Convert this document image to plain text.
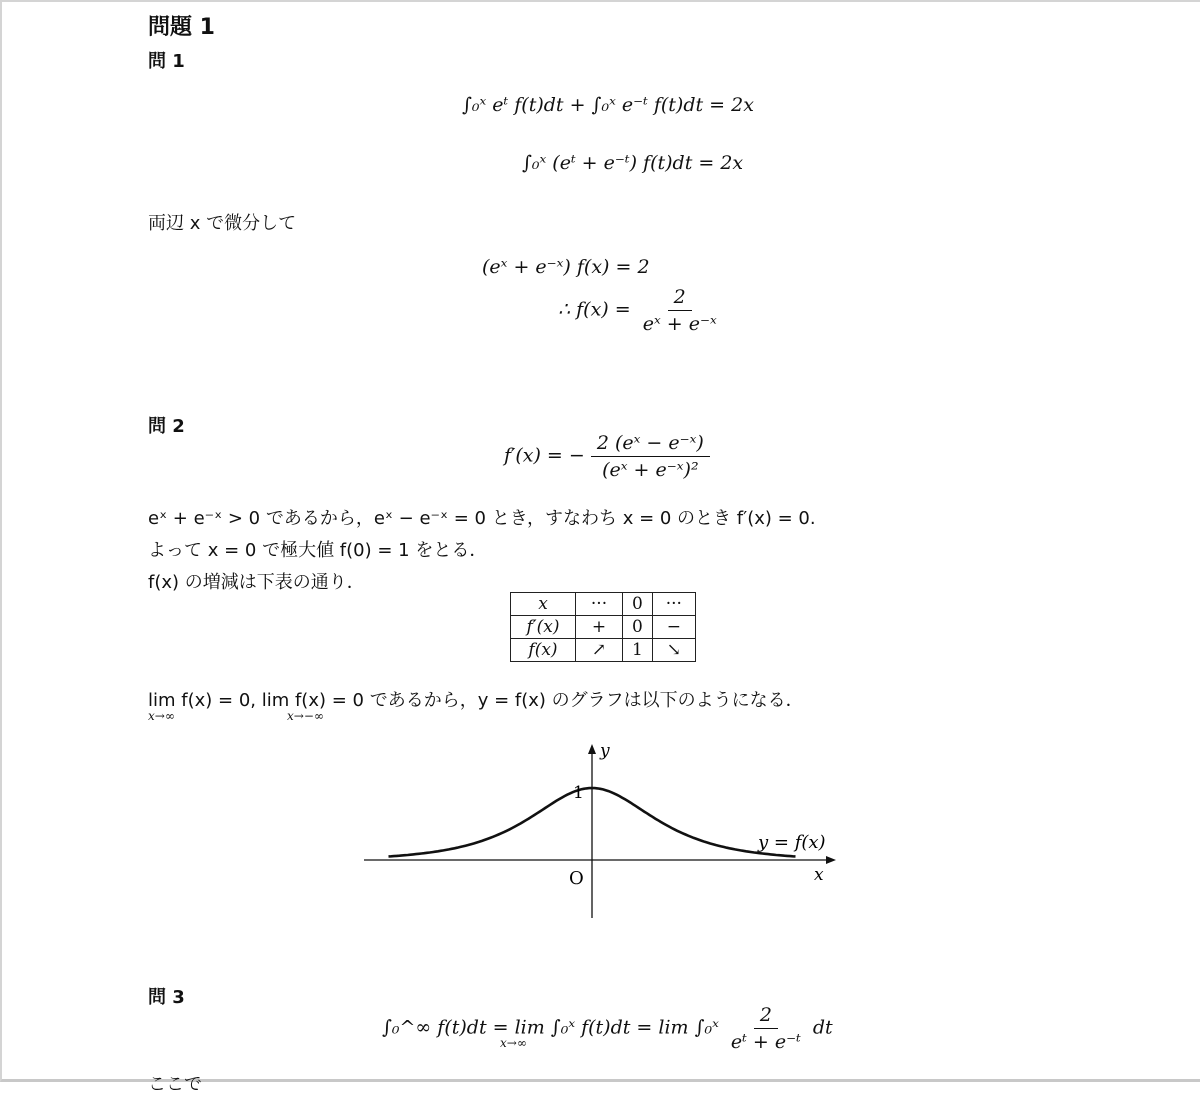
問題 1
問 1
∫₀ˣ eᵗ f(t)dt + ∫₀ˣ e⁻ᵗ f(t)dt = 2x
∫₀ˣ (eᵗ + e⁻ᵗ) f(t)dt = 2x
両辺 x で微分して
(eˣ + e⁻ˣ) f(x) = 2
∴ $f(x) = \frac{2}{\text{eˣ + e⁻ˣ}}$
問 2
f′(x) = − $\frac{\text{2 (eˣ − e⁻ˣ)}}{\text{(eˣ + e⁻ˣ)²}}$
eˣ + e⁻ˣ > 0 であるから，eˣ − e⁻ˣ = 0 とき，すなわち x = 0 のとき f′(x) = 0.
よって x = 0 で極大値 f(0) = 1 をとる．
f(x) の増減は下表の通り．
x	···	0	···
f′(x)	+	0	−
f(x)	↗	1	↘
lim f(x) = 0, lim f(x) = 0 であるから，y = f(x) のグラフは以下のようになる．
x→∞	x→−∞
y
x
O
1
y = f(x)
問 3
∫₀^∞ f(t)dt = lim ∫₀ˣ f(t)dt = lim ∫₀ˣ $\frac{2}{\text{eᵗ + e⁻ᵗ}}$ dt
x→∞
ここで
